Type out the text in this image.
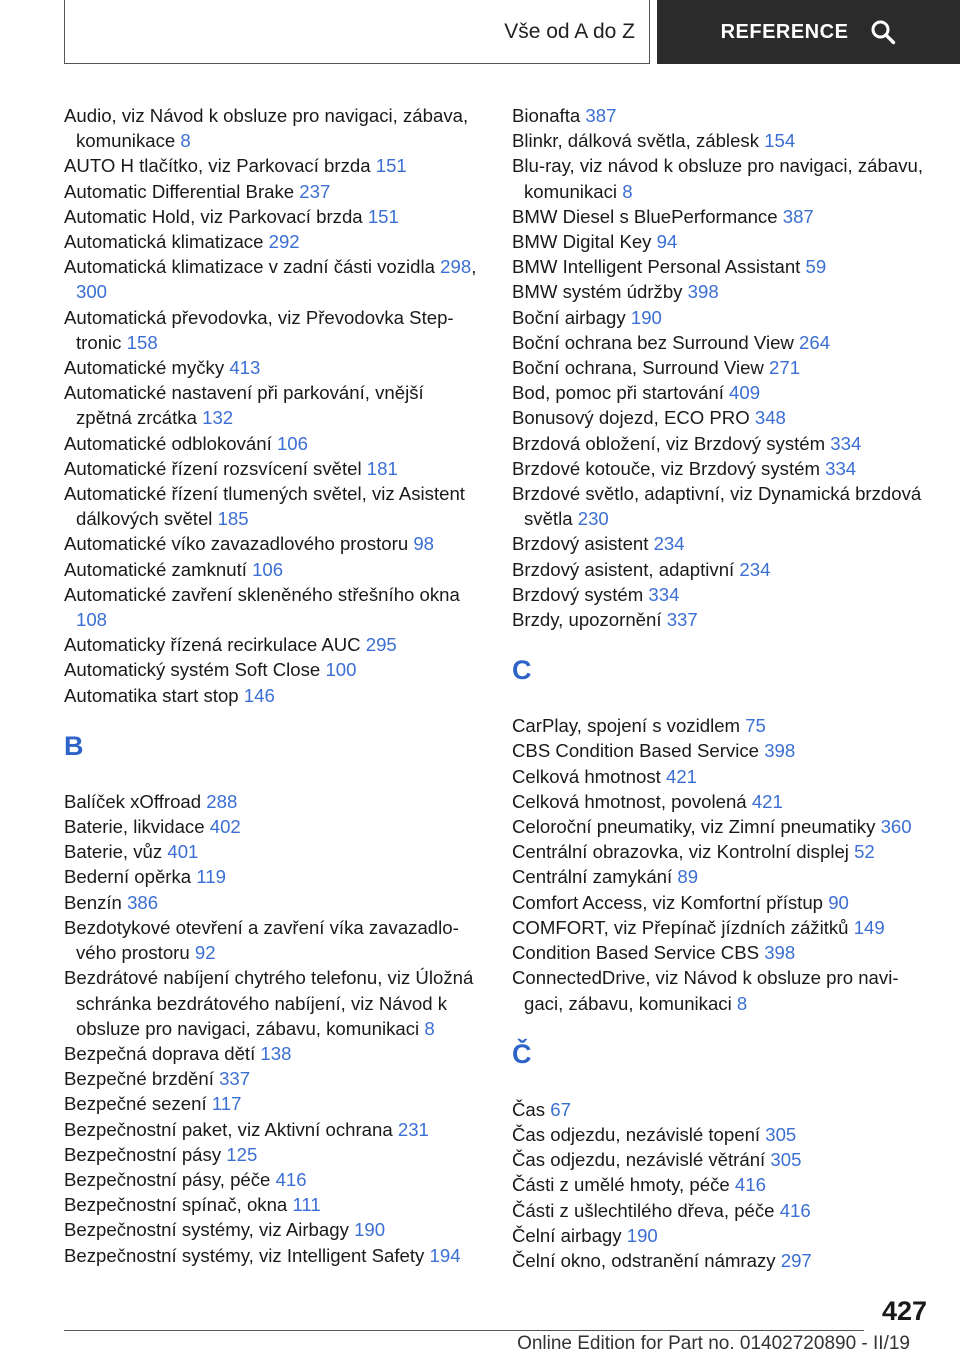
Vše od A do Z	REFERENCE
Audio, viz Návod k obsluze pro navigaci, zábava, komunikace 8
AUTO H tlačítko, viz Parkovací brzda 151
Automatic Differential Brake 237
Automatic Hold, viz Parkovací brzda 151
Automatická klimatizace 292
Automatická klimatizace v zadní části vozidla 298, 300
Automatická převodovka, viz Převodovka Step-tronic 158
Automatické myčky 413
Automatické nastavení při parkování, vnější zpětná zrcátka 132
Automatické odblokování 106
Automatické řízení rozsvícení světel 181
Automatické řízení tlumených světel, viz Asistent dálkových světel 185
Automatické víko zavazadlového prostoru 98
Automatické zamknutí 106
Automatické zavření skleněného střešního okna 108
Automaticky řízená recirkulace AUC 295
Automatický systém Soft Close 100
Automatika start stop 146
B
Balíček xOffroad 288
Baterie, likvidace 402
Baterie, vůz 401
Bederní opěrka 119
Benzín 386
Bezdotykové otevření a zavření víka zavazadlo-vého prostoru 92
Bezdrátové nabíjení chytrého telefonu, viz Úložná schránka bezdrátového nabíjení, viz Návod k obsluze pro navigaci, zábavu, komunikaci 8
Bezpečná doprava dětí 138
Bezpečné brzdění 337
Bezpečné sezení 117
Bezpečnostní paket, viz Aktivní ochrana 231
Bezpečnostní pásy 125
Bezpečnostní pásy, péče 416
Bezpečnostní spínač, okna 111
Bezpečnostní systémy, viz Airbagy 190
Bezpečnostní systémy, viz Intelligent Safety 194
Bionafta 387
Blinkr, dálková světla, záblesk 154
Blu-ray, viz návod k obsluze pro navigaci, zábavu, komunikaci 8
BMW Diesel s BluePerformance 387
BMW Digital Key 94
BMW Intelligent Personal Assistant 59
BMW systém údržby 398
Boční airbagy 190
Boční ochrana bez Surround View 264
Boční ochrana, Surround View 271
Bod, pomoc při startování 409
Bonusový dojezd, ECO PRO 348
Brzdová obložení, viz Brzdový systém 334
Brzdové kotouče, viz Brzdový systém 334
Brzdové světlo, adaptivní, viz Dynamická brzdová světla 230
Brzdový asistent 234
Brzdový asistent, adaptivní 234
Brzdový systém 334
Brzdy, upozornění 337
C
CarPlay, spojení s vozidlem 75
CBS Condition Based Service 398
Celková hmotnost 421
Celková hmotnost, povolená 421
Celoroční pneumatiky, viz Zimní pneumatiky 360
Centrální obrazovka, viz Kontrolní displej 52
Centrální zamykání 89
Comfort Access, viz Komfortní přístup 90
COMFORT, viz Přepínač jízdních zážitků 149
Condition Based Service CBS 398
ConnectedDrive, viz Návod k obsluze pro navi-gaci, zábavu, komunikaci 8
Č
Čas 67
Čas odjezdu, nezávislé topení 305
Čas odjezdu, nezávislé větrání 305
Části z umělé hmoty, péče 416
Části z ušlechtilého dřeva, péče 416
Čelní airbagy 190
Čelní okno, odstranění námrazy 297
427
Online Edition for Part no. 01402720890 - II/19
